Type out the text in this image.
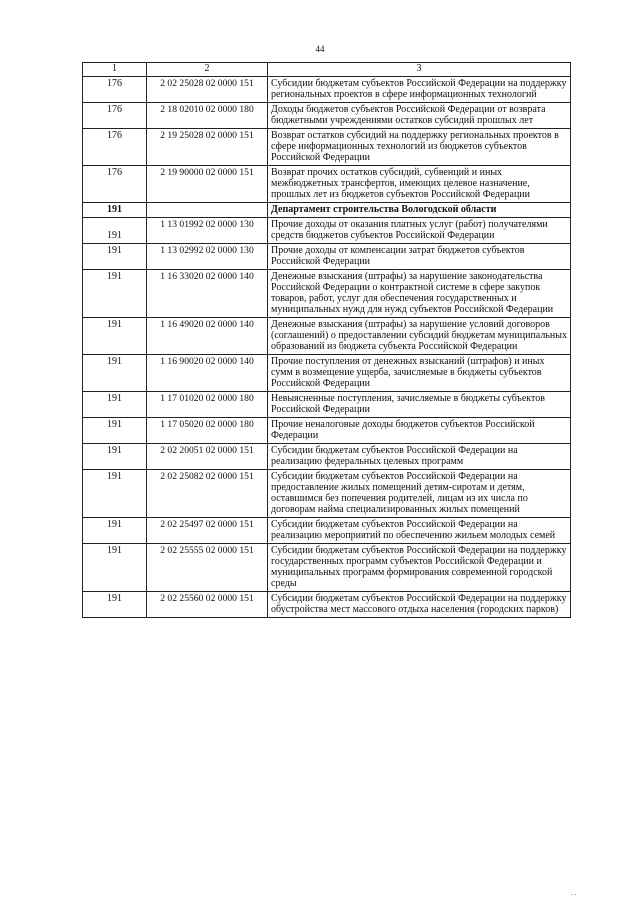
44
1	2	3
176	2 02 25028 02 0000 151	Субсидии бюджетам субъектов Российской Федерации на поддержку региональных проектов в сфере информационных технологий
176	2 18 02010 02 0000 180	Доходы бюджетов субъектов Российской Федерации от возврата бюджетными учреждениями остатков субсидий прошлых лет
176	2 19 25028 02 0000 151	Возврат остатков субсидий на поддержку региональных проектов в сфере информационных технологий из бюджетов субъектов Российской Федерации
176	2 19 90000 02 0000 151	Возврат прочих остатков субсидий, субвенций и иных межбюджетных трансфертов, имеющих целевое назначение, прошлых лет из бюджетов субъектов Российской Федерации
191		Департамент строительства Вологодской области
191	1 13 01992 02 0000 130	Прочие доходы от оказания платных услуг (работ) получателями средств бюджетов субъектов Российской Федерации
191	1 13 02992 02 0000 130	Прочие доходы от компенсации затрат бюджетов субъектов Российской Федерации
191	1 16 33020 02 0000 140	Денежные взыскания (штрафы) за нарушение законодательства Российской Федерации о контрактной системе в сфере закупок товаров, работ, услуг для обеспечения государственных и муниципальных нужд для нужд субъектов Российской Федерации
191	1 16 49020 02 0000 140	Денежные взыскания (штрафы) за нарушение условий договоров (соглашений) о предоставлении субсидий бюджетам муниципальных образований из бюджета субъекта Российской Федерации
191	1 16 90020 02 0000 140	Прочие поступления от денежных взысканий (штрафов) и иных сумм в возмещение ущерба, зачисляемые в бюджеты субъектов Российской Федерации
191	1 17 01020 02 0000 180	Невыясненные поступления, зачисляемые в бюджеты субъектов Российской Федерации
191	1 17 05020 02 0000 180	Прочие неналоговые доходы бюджетов субъектов Российской Федерации
191	2 02 20051 02 0000 151	Субсидии бюджетам субъектов Российской Федерации на реализацию федеральных целевых программ
191	2 02 25082 02 0000 151	Субсидии бюджетам субъектов Российской Федерации на предоставление жилых помещений детям-сиротам и детям, оставшимся без попечения родителей, лицам из их числа по договорам найма специализированных жилых помещений
191	2 02 25497 02 0000 151	Субсидии бюджетам субъектов Российской Федерации на реализацию мероприятий по обеспечению жильем молодых семей
191	2 02 25555 02 0000 151	Субсидии бюджетам субъектов Российской Федерации на поддержку государственных программ субъектов Российской Федерации и муниципальных программ формирования современной городской среды
191	2 02 25560 02 0000 151	Субсидии бюджетам субъектов Российской Федерации на поддержку обустройства мест массового отдыха населения (городских парков)
. .
